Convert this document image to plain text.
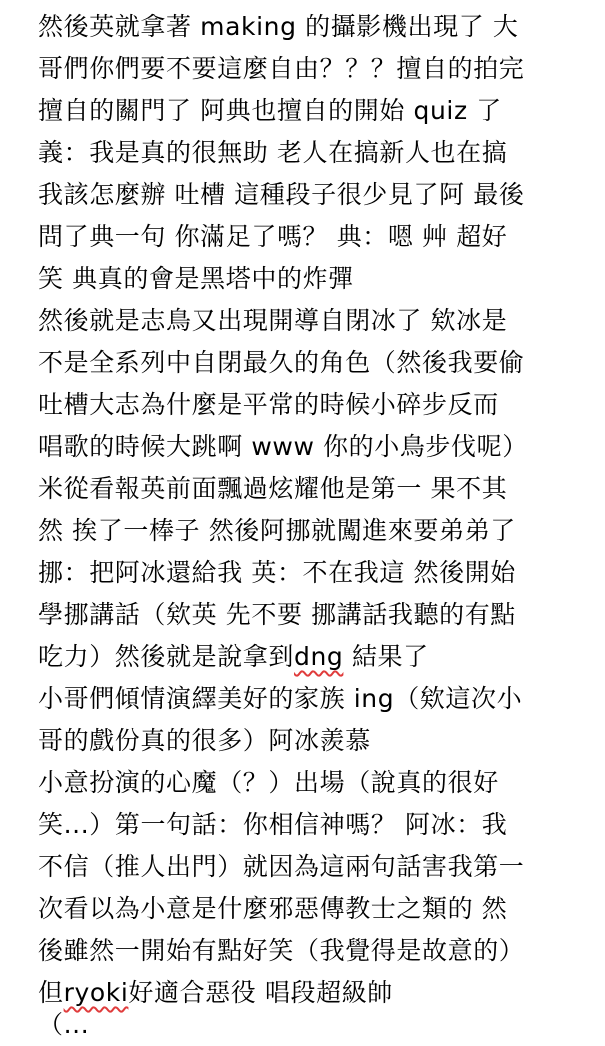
然後英就拿著 making 的攝影機出現了 大
哥們你們要不要這麼自由？？？擅自的拍完
擅自的關門了 阿典也擅自的開始 quiz 了
義：我是真的很無助 老人在搞新人也在搞
我該怎麼辦 吐槽 這種段子很少見了阿 最後
問了典一句 你滿足了嗎？ 典：嗯 艸 超好
笑 典真的會是黑塔中的炸彈
然後就是志鳥又出現開導自閉冰了 欸冰是
不是全系列中自閉最久的角色（然後我要偷
吐槽大志為什麼是平常的時候小碎步反而
唱歌的時候大跳啊 www 你的小鳥步伐呢）
米從看報英前面飄過炫耀他是第一 果不其
然 挨了一棒子 然後阿挪就闖進來要弟弟了
挪：把阿冰還給我 英：不在我這 然後開始
學挪講話（欸英 先不要 挪講話我聽的有點
吃力）然後就是說拿到dng 結果了
小哥們傾情演繹美好的家族 ing（欸這次小
哥的戲份真的很多）阿冰羨慕
小意扮演的心魔（？）出場（說真的很好
笑...）第一句話：你相信神嗎？ 阿冰：我
不信（推人出門）就因為這兩句話害我第一
次看以為小意是什麼邪惡傳教士之類的 然
後雖然一開始有點好笑（我覺得是故意的）
但ryoki好適合惡役 唱段超級帥
（...
